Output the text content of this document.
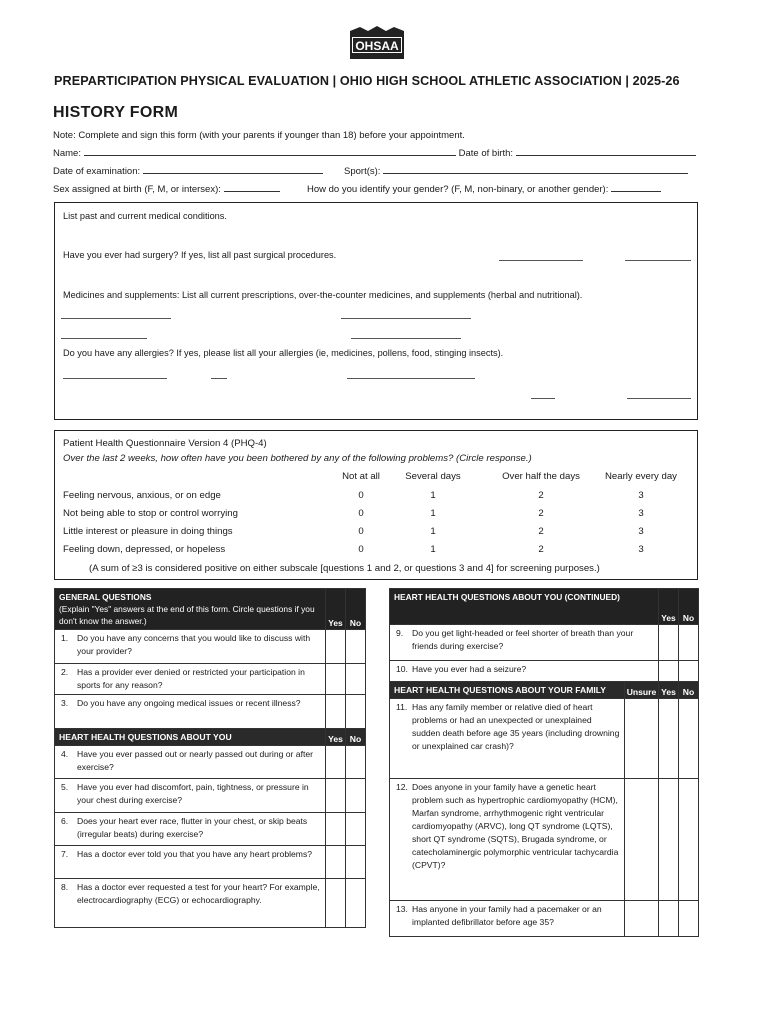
OHSAA
PREPARTICIPATION PHYSICAL EVALUATION | OHIO HIGH SCHOOL ATHLETIC ASSOCIATION | 2025-26
HISTORY FORM
Note: Complete and sign this form (with your parents if younger than 18) before your appointment.
Name:	Date of birth:
Date of examination:	Sport(s):
Sex assigned at birth (F, M, or intersex):	How do you identify your gender? (F, M, non-binary, or another gender):
List past and current medical conditions.
Have you ever had surgery? If yes, list all past surgical procedures.
Medicines and supplements: List all current prescriptions, over-the-counter medicines, and supplements (herbal and nutritional).
Do you have any allergies? If yes, please list all your allergies (ie, medicines, pollens, food, stinging insects).
Patient Health Questionnaire Version 4 (PHQ-4)
Over the last 2 weeks, how often have you been bothered by any of the following problems? (Circle response.)
Not at all	Several days	Over half the days	Nearly every day
Feeling nervous, anxious, or on edge	0	1	2	3
Not being able to stop or control worrying	0	1	2	3
Little interest or pleasure in doing things	0	1	2	3
Feeling down, depressed, or hopeless	0	1	2	3
(A sum of ≥3 is considered positive on either subscale [questions 1 and 2, or questions 3 and 4] for screening purposes.)
GENERAL QUESTIONS
(Explain "Yes" answers at the end of this form. Circle questions if you don't know the answer.)	Yes	No

1. Do you have any concerns that you would like to discuss with your provider?		

2. Has a provider ever denied or restricted your participation in sports for any reason?		

3. Do you have any ongoing medical issues or recent illness?		
HEART HEALTH QUESTIONS ABOUT YOU	Yes	No

4. Have you ever passed out or nearly passed out during or after exercise?		

5. Have you ever had discomfort, pain, tightness, or pressure in your chest during exercise?		

6. Does your heart ever race, flutter in your chest, or skip beats (irregular beats) during exercise?		

7. Has a doctor ever told you that you have any heart problems?		

8. Has a doctor ever requested a test for your heart? For example, electrocardiography (ECG) or echocardiography.		
HEART HEALTH QUESTIONS ABOUT YOU (CONTINUED)		Yes	No

9. Do you get light-headed or feel shorter of breath than your friends during exercise?			

10. Have you ever had a seizure?			
HEART HEALTH QUESTIONS ABOUT YOUR FAMILY	Unsure	Yes	No

11. Has any family member or relative died of heart problems or had an unexpected or unexplained sudden death before age 35 years (including drowning or unexplained car crash)?			

12. Does anyone in your family have a genetic heart problem such as hypertrophic cardiomyopathy (HCM), Marfan syndrome, arrhythmogenic right ventricular cardiomyopathy (ARVC), long QT syndrome (LQTS), short QT syndrome (SQTS), Brugada syndrome, or catecholaminergic polymorphic ventricular tachycardia (CPVT)?			

13. Has anyone in your family had a pacemaker or an implanted defibrillator before age 35?			
